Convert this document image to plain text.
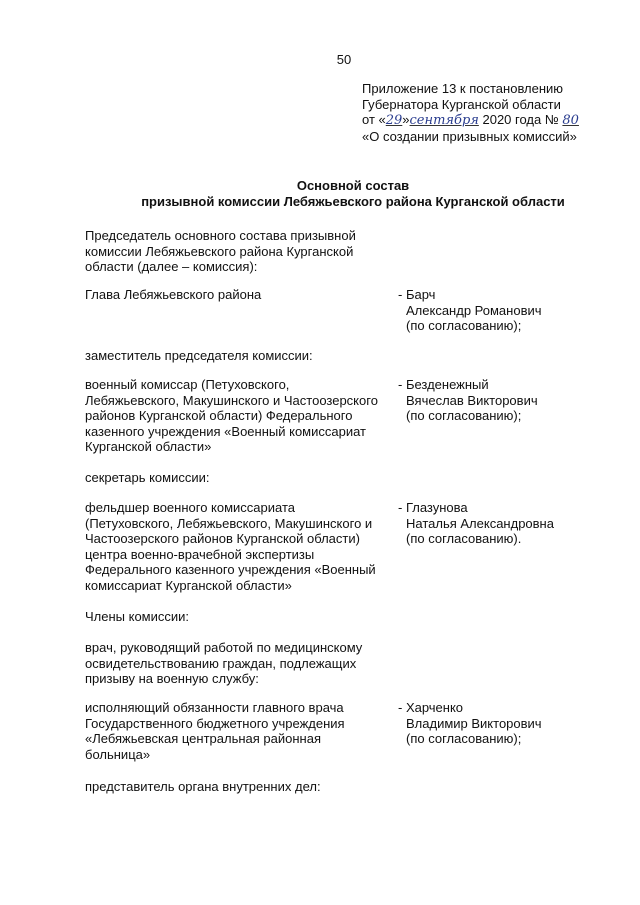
50
Приложение 13 к постановлению
Губернатора Курганской области
от «29»сентября 2020 года № 80
«О создании призывных комиссий»
Основной состав
призывной комиссии Лебяжьевского района Курганской области
Председатель основного состава призывной
комиссии Лебяжьевского района Курганской
области (далее – комиссия):
Глава Лебяжьевского района	- Барч
Александр Романович
(по согласованию);
заместитель председателя комиссии:
военный комиссар (Петуховского,
Лебяжьевского, Макушинского и Частоозерского
районов Курганской области) Федерального
казенного учреждения «Военный комиссариат
Курганской области»
- Безденежный
Вячеслав Викторович
(по согласованию);
секретарь комиссии:
фельдшер военного комиссариата
(Петуховского, Лебяжьевского, Макушинского и
Частоозерского районов Курганской области)
центра военно-врачебной экспертизы
Федерального казенного учреждения «Военный
комиссариат Курганской области»
- Глазунова
Наталья Александровна
(по согласованию).
Члены комиссии:
врач, руководящий работой по медицинскому
освидетельствованию граждан, подлежащих
призыву на военную службу:
исполняющий обязанности главного врача
Государственного бюджетного учреждения
«Лебяжьевская центральная районная
больница»
- Харченко
Владимир Викторович
(по согласованию);
представитель органа внутренних дел:
